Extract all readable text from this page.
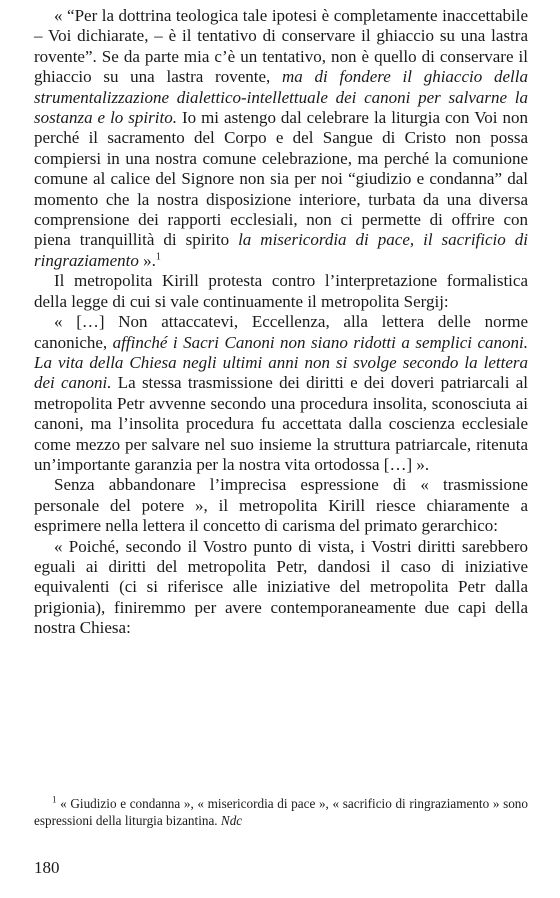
« “Per la dottrina teologica tale ipotesi è completamente inaccettabile – Voi dichiarate, – è il tentativo di conservare il ghiaccio su una lastra rovente”. Se da parte mia c’è un tentativo, non è quello di conservare il ghiaccio su una lastra rovente, ma di fondere il ghiaccio della strumentalizzazione dialettico-intellettuale dei canoni per salvarne la sostanza e lo spirito. Io mi astengo dal celebrare la liturgia con Voi non perché il sacramento del Corpo e del Sangue di Cristo non possa compiersi in una nostra comune celebrazione, ma perché la comunione comune al calice del Signore non sia per noi “giudizio e condanna” dal momento che la nostra disposizione interiore, turbata da una diversa comprensione dei rapporti ecclesiali, non ci permette di offrire con piena tranquillità di spirito la misericordia di pace, il sacrificio di ringraziamento ».$^1$

Il metropolita Kirill protesta contro l’interpretazione formalistica della legge di cui si vale continuamente il metropolita Sergij:

« […] Non attaccatevi, Eccellenza, alla lettera delle norme canoniche, affinché i Sacri Canoni non siano ridotti a semplici canoni. La vita della Chiesa negli ultimi anni non si svolge secondo la lettera dei canoni. La stessa trasmissione dei diritti e dei doveri patriarcali al metropolita Petr avvenne secondo una procedura insolita, sconosciuta ai canoni, ma l’insolita procedura fu accettata dalla coscienza ecclesiale come mezzo per salvare nel suo insieme la struttura patriarcale, ritenuta un’importante garanzia per la nostra vita ortodossa […] ».

Senza abbandonare l’imprecisa espressione di « trasmissione personale del potere », il metropolita Kirill riesce chiaramente a esprimere nella lettera il concetto di carisma del primato gerarchico:

« Poiché, secondo il Vostro punto di vista, i Vostri diritti sarebbero eguali ai diritti del metropolita Petr, dandosi il caso di iniziative equivalenti (ci si riferisce alle iniziative del metropolita Petr dalla prigionia), finiremmo per avere contemporaneamente due capi della nostra Chiesa:

$^1$ « Giudizio e condanna », « misericordia di pace », « sacrificio di ringraziamento » sono espressioni della liturgia bizantina. Ndc
180
